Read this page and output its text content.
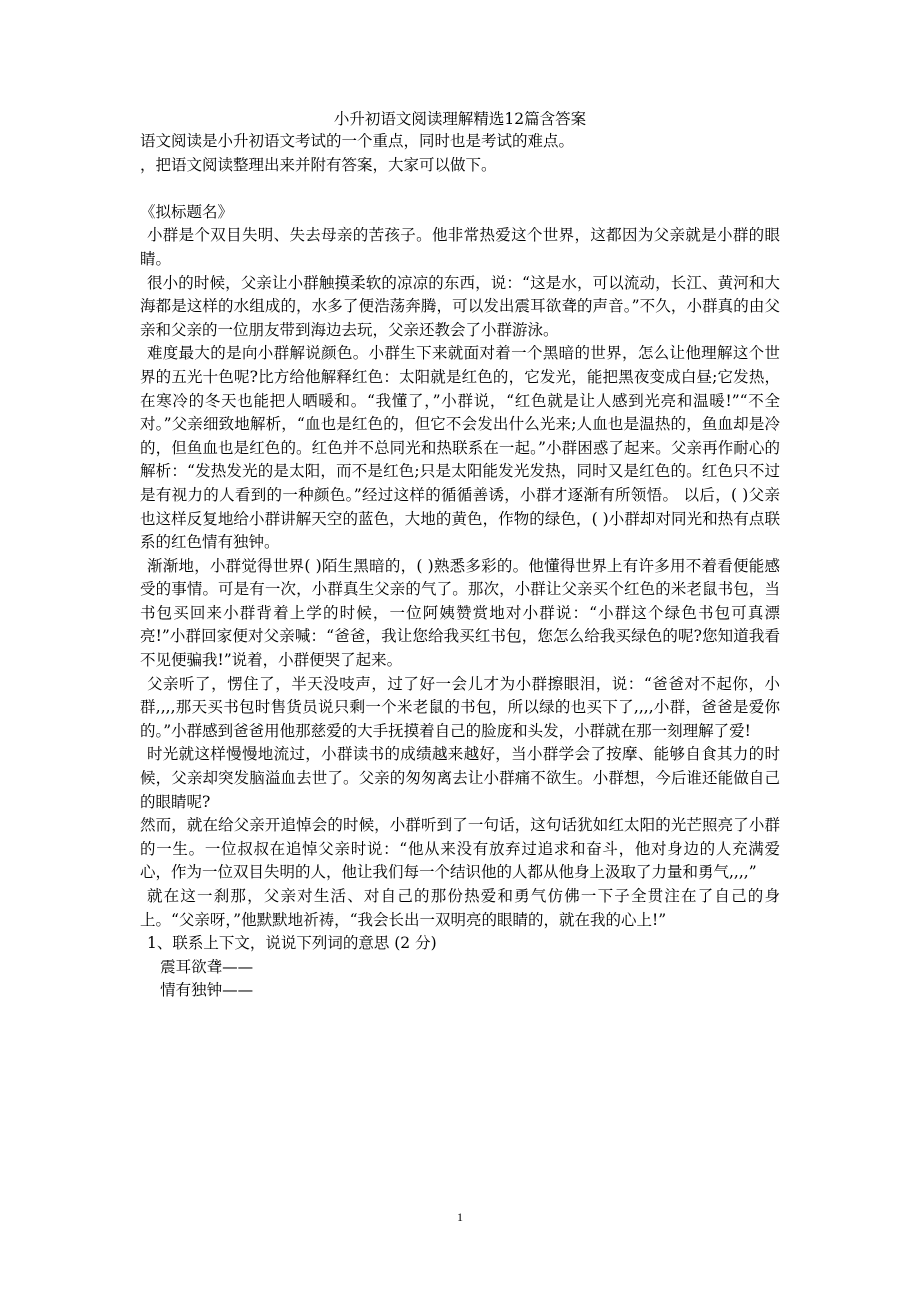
小升初语文阅读理解精选12篇含答案

语文阅读是小升初语文考试的一个重点，同时也是考试的难点。

，把语文阅读整理出来并附有答案，大家可以做下。

《拟标题名》

小群是个双目失明、失去母亲的苦孩子。他非常热爱这个世界，这都因为父亲就是小群的眼睛。

很小的时候，父亲让小群触摸柔软的凉凉的东西，说：“这是水，可以流动，长江、黄河和大海都是这样的水组成的，水多了便浩荡奔腾，可以发出震耳欲聋的声音。”不久，小群真的由父亲和父亲的一位朋友带到海边去玩，父亲还教会了小群游泳。

难度最大的是向小群解说颜色。小群生下来就面对着一个黑暗的世界，怎么让他理解这个世界的五光十色呢?比方给他解释红色：太阳就是红色的，它发光，能把黑夜变成白昼;它发热，在寒冷的冬天也能把人晒暖和。“我懂了，”小群说，“红色就是让人感到光亮和温暖!”“不全对。”父亲细致地解析，“血也是红色的，但它不会发出什么光来;人血也是温热的，鱼血却是冷的，但鱼血也是红色的。红色并不总同光和热联系在一起。”小群困惑了起来。父亲再作耐心的解析：“发热发光的是太阳，而不是红色;只是太阳能发光发热，同时又是红色的。红色只不过是有视力的人看到的一种颜色。”经过这样的循循善诱，小群才逐渐有所领悟。 以后，( )父亲也这样反复地给小群讲解天空的蓝色，大地的黄色，作物的绿色，( )小群却对同光和热有点联系的红色情有独钟。

渐渐地，小群觉得世界( )陌生黑暗的，( )熟悉多彩的。他懂得世界上有许多用不着看便能感受的事情。可是有一次，小群真生父亲的气了。那次，小群让父亲买个红色的米老鼠书包，当书包买回来小群背着上学的时候，一位阿姨赞赏地对小群说：“小群这个绿色书包可真漂亮!”小群回家便对父亲喊：“爸爸，我让您给我买红书包，您怎么给我买绿色的呢?您知道我看不见便骗我!”说着，小群便哭了起来。

父亲听了，愣住了，半天没吱声，过了好一会儿才为小群擦眼泪，说：“爸爸对不起你，小群,,,,那天买书包时售货员说只剩一个米老鼠的书包，所以绿的也买下了,,,,小群，爸爸是爱你的。”小群感到爸爸用他那慈爱的大手抚摸着自己的脸庞和头发，小群就在那一刻理解了爱!

时光就这样慢慢地流过，小群读书的成绩越来越好，当小群学会了按摩、能够自食其力的时候，父亲却突发脑溢血去世了。父亲的匆匆离去让小群痛不欲生。小群想，今后谁还能做自己的眼睛呢?

然而，就在给父亲开追悼会的时候，小群听到了一句话，这句话犹如红太阳的光芒照亮了小群的一生。一位叔叔在追悼父亲时说：“他从来没有放弃过追求和奋斗，他对身边的人充满爱心，作为一位双目失明的人，他让我们每一个结识他的人都从他身上汲取了力量和勇气,,,,”

就在这一刹那，父亲对生活、对自己的那份热爱和勇气仿佛一下子全贯注在了自己的身上。“父亲呀，”他默默地祈祷，“我会长出一双明亮的眼睛的，就在我的心上!”

1、联系上下文，说说下列词的意思 (2 分)

震耳欲聋——

情有独钟——

1
